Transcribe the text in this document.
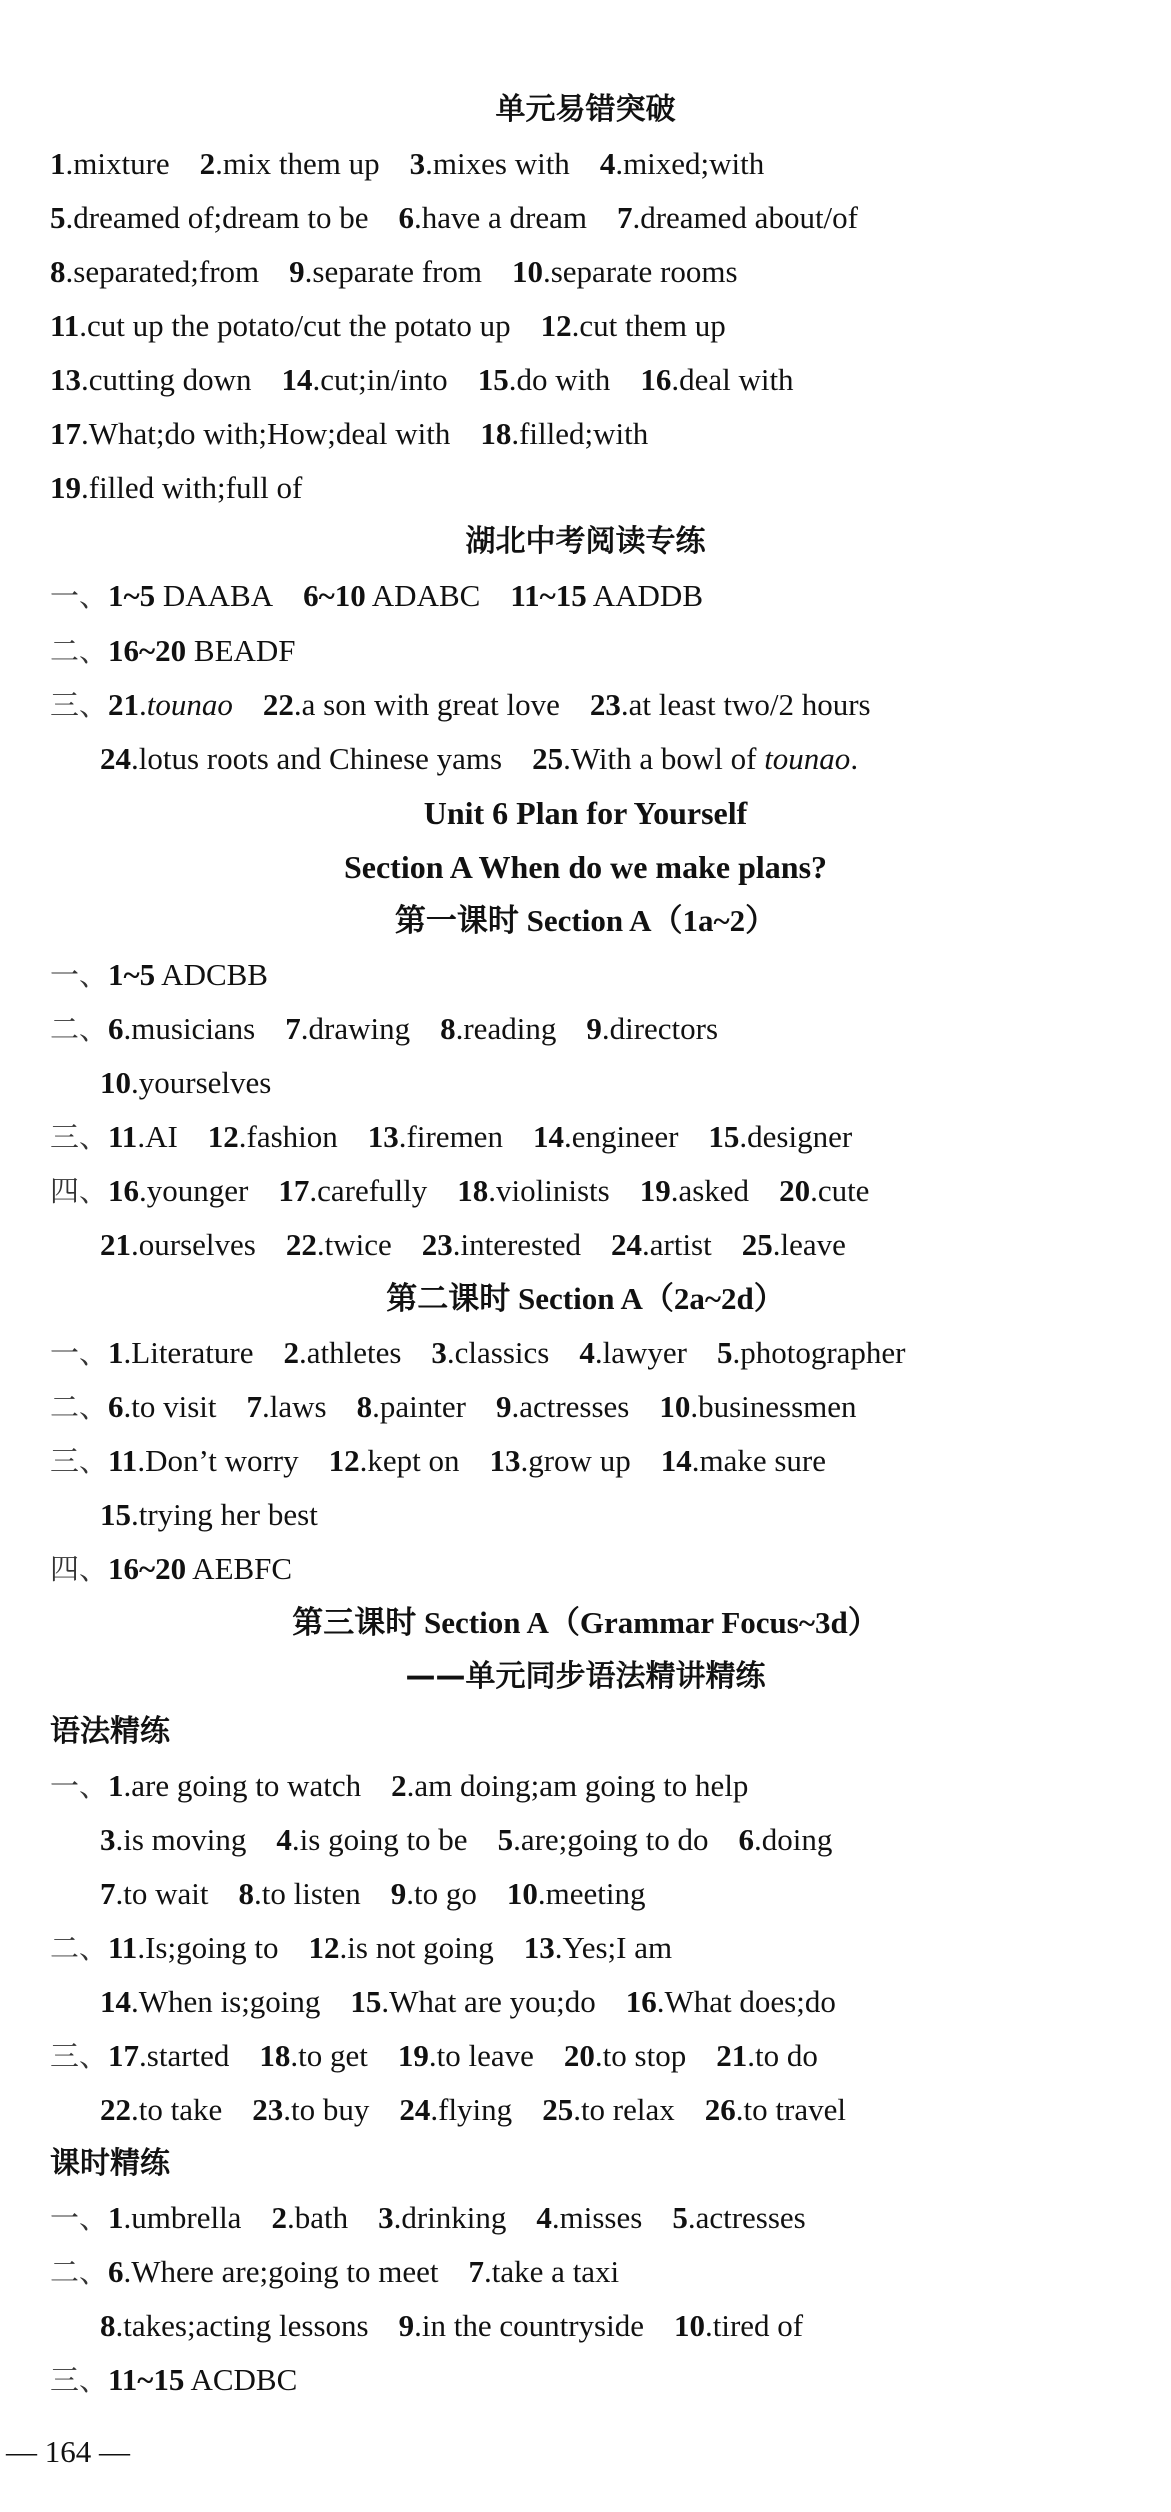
单元易错突破
1.mixture 2.mix them up 3.mixes with 4.mixed;with
5.dreamed of;dream to be 6.have a dream 7.dreamed about/of
8.separated;from 9.separate from 10.separate rooms
11.cut up the potato/cut the potato up 12.cut them up
13.cutting down 14.cut;in/into 15.do with 16.deal with
17.What;do with;How;deal with 18.filled;with
19.filled with;full of
湖北中考阅读专练
一、1~5 DAABA 6~10 ADABC 11~15 AADDB
二、16~20 BEADF
三、21.tounao 22.a son with great love 23.at least two/2 hours
24.lotus roots and Chinese yams 25.With a bowl of tounao.
Unit 6 Plan for Yourself
Section A When do we make plans?
第一课时 Section A（1a~2）
一、1~5 ADCBB
二、6.musicians 7.drawing 8.reading 9.directors
10.yourselves
三、11.AI 12.fashion 13.firemen 14.engineer 15.designer
四、16.younger 17.carefully 18.violinists 19.asked 20.cute
21.ourselves 22.twice 23.interested 24.artist 25.leave
第二课时 Section A（2a~2d）
一、1.Literature 2.athletes 3.classics 4.lawyer 5.photographer
二、6.to visit 7.laws 8.painter 9.actresses 10.businessmen
三、11.Don’t worry 12.kept on 13.grow up 14.make sure
15.trying her best
四、16~20 AEBFC
第三课时 Section A（Grammar Focus~3d）
——单元同步语法精讲精练
语法精练
一、1.are going to watch 2.am doing;am going to help
3.is moving 4.is going to be 5.are;going to do 6.doing
7.to wait 8.to listen 9.to go 10.meeting
二、11.Is;going to 12.is not going 13.Yes;I am
14.When is;going 15.What are you;do 16.What does;do
三、17.started 18.to get 19.to leave 20.to stop 21.to do
22.to take 23.to buy 24.flying 25.to relax 26.to travel
课时精练
一、1.umbrella 2.bath 3.drinking 4.misses 5.actresses
二、6.Where are;going to meet 7.take a taxi
8.takes;acting lessons 9.in the countryside 10.tired of
三、11~15 ACDBC
— 164 —
